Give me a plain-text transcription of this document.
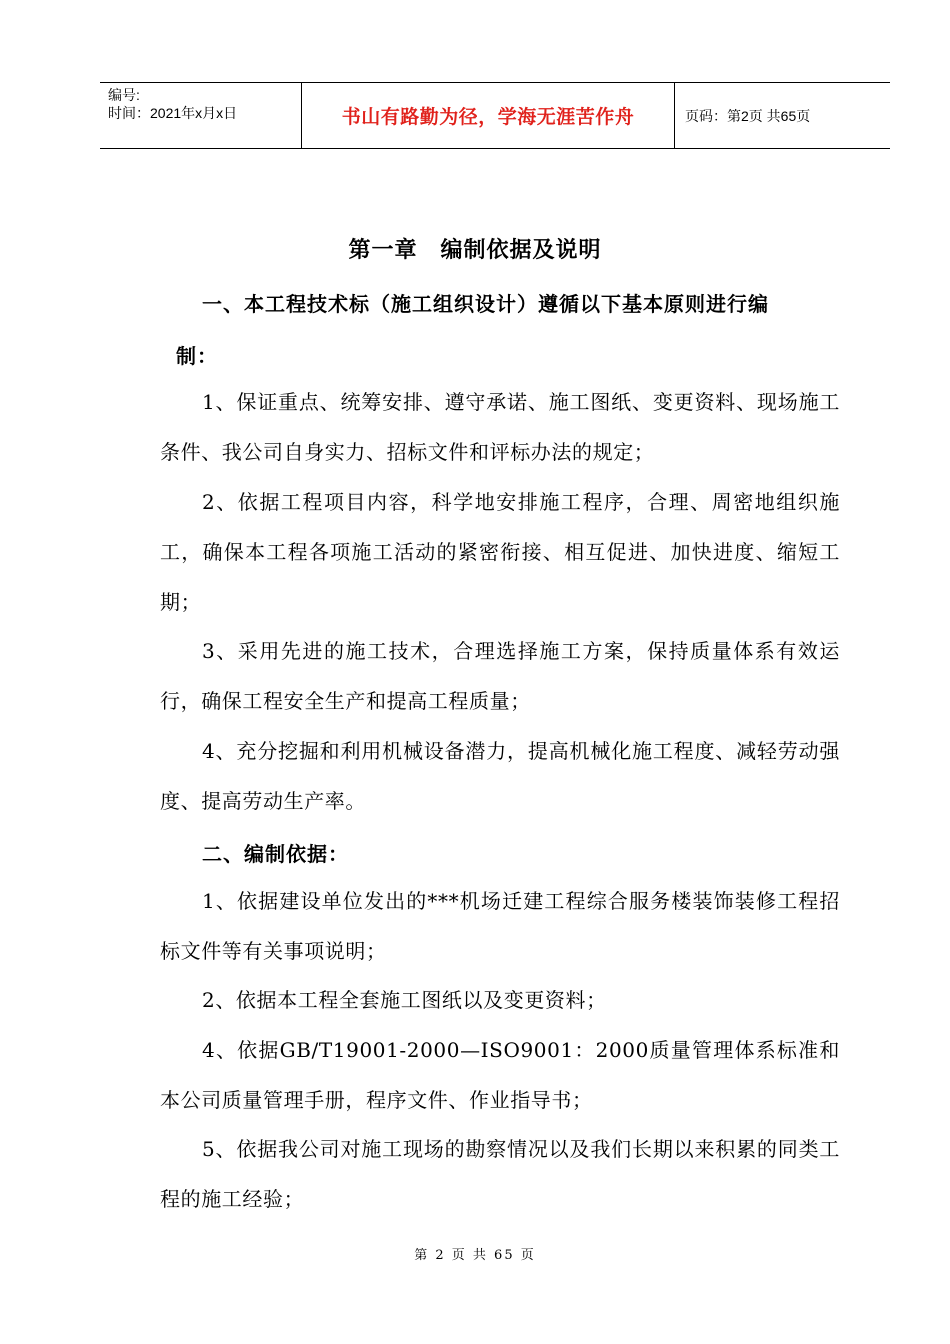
编号:
时间：2021年x月x日	书山有路勤为径，学海无涯苦作舟	页码：第2页 共65页
第一章　编制依据及说明
一、本工程技术标（施工组织设计）遵循以下基本原则进行编
制：
1、保证重点、统筹安排、遵守承诺、施工图纸、变更资料、现场施工条件、我公司自身实力、招标文件和评标办法的规定；
2、依据工程项目内容，科学地安排施工程序，合理、周密地组织施工，确保本工程各项施工活动的紧密衔接、相互促进、加快进度、缩短工期；
3、采用先进的施工技术，合理选择施工方案，保持质量体系有效运行，确保工程安全生产和提高工程质量；
4、充分挖掘和利用机械设备潜力，提高机械化施工程度、减轻劳动强度、提高劳动生产率。
二、编制依据：
1、依据建设单位发出的***机场迁建工程综合服务楼装饰装修工程招标文件等有关事项说明；
2、依据本工程全套施工图纸以及变更资料；
4、依据GB/T19001-2000—ISO9001：2000质量管理体系标准和本公司质量管理手册，程序文件、作业指导书；
5、依据我公司对施工现场的勘察情况以及我们长期以来积累的同类工程的施工经验；
第 2 页 共 65 页
